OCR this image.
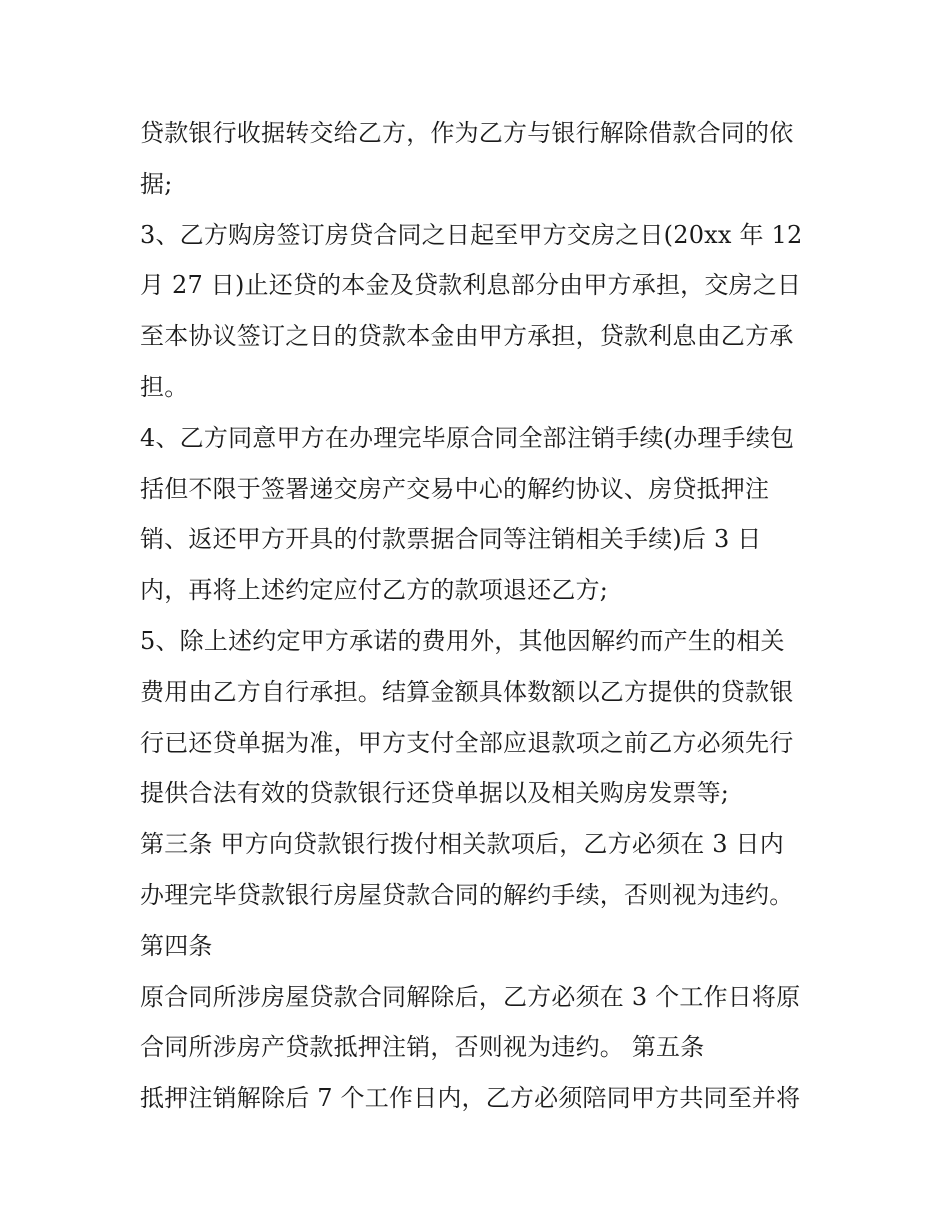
贷款银行收据转交给乙方，作为乙方与银行解除借款合同的依
据;
3、乙方购房签订房贷合同之日起至甲方交房之日(20xx 年 12
月 27 日)止还贷的本金及贷款利息部分由甲方承担，交房之日
至本协议签订之日的贷款本金由甲方承担，贷款利息由乙方承
担。
4、乙方同意甲方在办理完毕原合同全部注销手续(办理手续包
括但不限于签署递交房产交易中心的解约协议、房贷抵押注
销、返还甲方开具的付款票据合同等注销相关手续)后 3 日
内，再将上述约定应付乙方的款项退还乙方;
5、除上述约定甲方承诺的费用外，其他因解约而产生的相关
费用由乙方自行承担。结算金额具体数额以乙方提供的贷款银
行已还贷单据为准，甲方支付全部应退款项之前乙方必须先行
提供合法有效的贷款银行还贷单据以及相关购房发票等;
第三条 甲方向贷款银行拨付相关款项后，乙方必须在 3 日内
办理完毕贷款银行房屋贷款合同的解约手续，否则视为违约。
第四条
原合同所涉房屋贷款合同解除后，乙方必须在 3 个工作日将原
合同所涉房产贷款抵押注销，否则视为违约。 第五条
抵押注销解除后 7 个工作日内，乙方必须陪同甲方共同至并将
